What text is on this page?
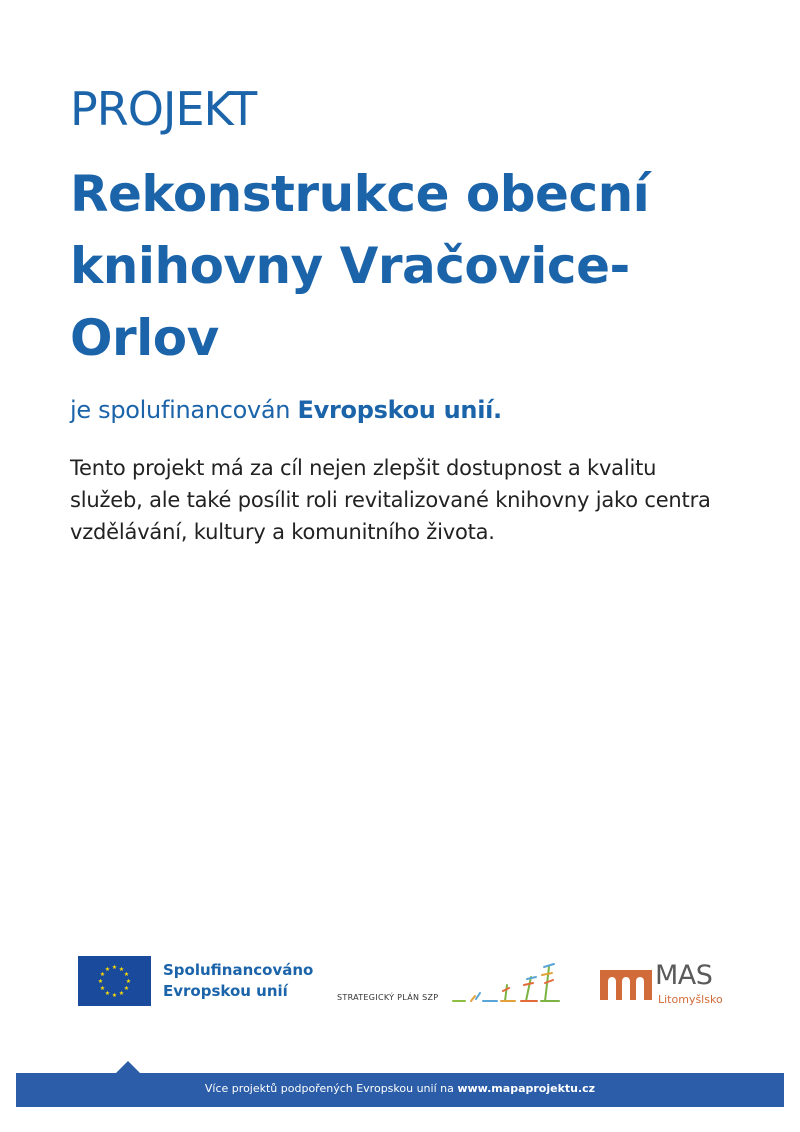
PROJEKT
Rekonstrukce obecní knihovny Vračovice-Orlov

je spolufinancován Evropskou unií.

Tento projekt má za cíl nejen zlepšit dostupnost a kvalitu služeb, ale také posílit roli revitalizované knihovny jako centra vzdělávání, kultury a komunitního života.

★ ★
★
★
★
★
★
★
★
★
★
★	Spolufinancováno
Evropskou unií	STRATEGICKÝ PLÁN SZP
MAS
Litomyšlsko
Více projektů podpořených Evropskou unií na www.mapaprojektu.cz
